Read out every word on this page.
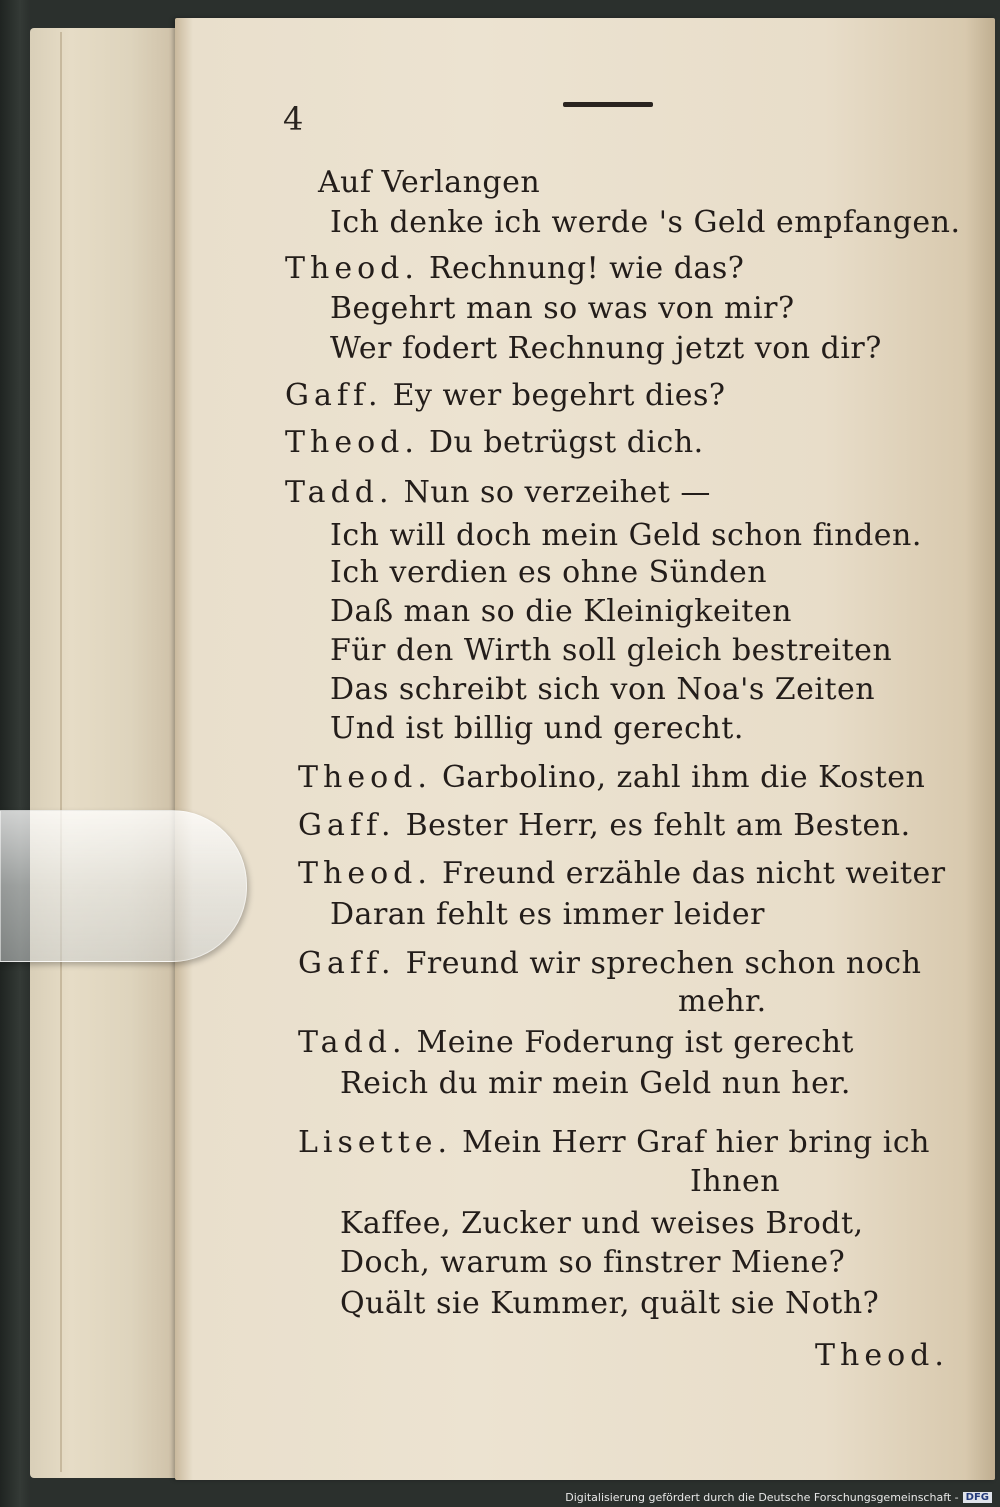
4
Auf Verlangen
Ich denke ich werde 's Geld empfangen.
Theod. Rechnung! wie das?
Begehrt man so was von mir?
Wer fodert Rechnung jetzt von dir?
Gaff. Ey wer begehrt dies?
Theod. Du betrügst dich.
Tadd. Nun so verzeihet —
Ich will doch mein Geld schon finden.
Ich verdien es ohne Sünden
Daß man so die Kleinigkeiten
Für den Wirth soll gleich bestreiten
Das schreibt sich von Noa's Zeiten
Und ist billig und gerecht.
Theod. Garbolino, zahl ihm die Kosten
Gaff. Bester Herr, es fehlt am Besten.
Theod. Freund erzähle das nicht weiter
Daran fehlt es immer leider
Gaff. Freund wir sprechen schon noch
mehr.
Tadd. Meine Foderung ist gerecht
Reich du mir mein Geld nun her.
Lisette. Mein Herr Graf hier bring ich
Ihnen
Kaffee, Zucker und weises Brodt,
Doch, warum so finstrer Miene?
Quält sie Kummer, quält sie Noth?
Theod.
Digitalisierung gefördert durch die Deutsche Forschungsgemeinschaft - DFG
